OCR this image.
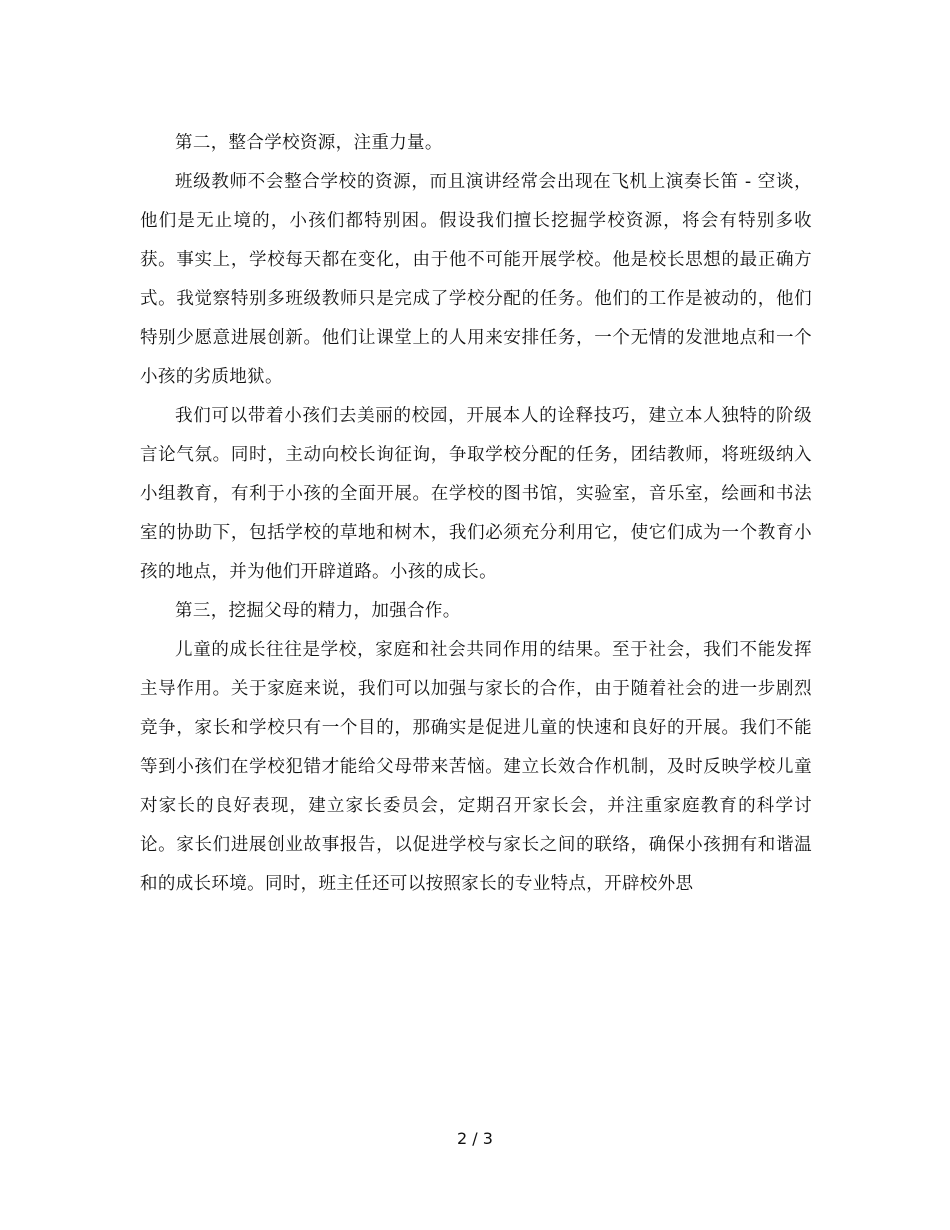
第二，整合学校资源，注重力量。

班级教师不会整合学校的资源，而且演讲经常会出现在飞机上演奏长笛 - 空谈，他们是无止境的，小孩们都特别困。假设我们擅长挖掘学校资源，将会有特别多收获。事实上，学校每天都在变化，由于他不可能开展学校。他是校长思想的最正确方式。我觉察特别多班级教师只是完成了学校分配的任务。他们的工作是被动的，他们特别少愿意进展创新。他们让课堂上的人用来安排任务，一个无情的发泄地点和一个小孩的劣质地狱。

我们可以带着小孩们去美丽的校园，开展本人的诠释技巧，建立本人独特的阶级言论气氛。同时，主动向校长询征询，争取学校分配的任务，团结教师，将班级纳入小组教育，有利于小孩的全面开展。在学校的图书馆，实验室，音乐室，绘画和书法室的协助下，包括学校的草地和树木，我们必须充分利用它，使它们成为一个教育小孩的地点，并为他们开辟道路。小孩的成长。

第三，挖掘父母的精力，加强合作。

儿童的成长往往是学校，家庭和社会共同作用的结果。至于社会，我们不能发挥主导作用。关于家庭来说，我们可以加强与家长的合作，由于随着社会的进一步剧烈竞争，家长和学校只有一个目的，那确实是促进儿童的快速和良好的开展。我们不能等到小孩们在学校犯错才能给父母带来苦恼。建立长效合作机制，及时反映学校儿童对家长的良好表现，建立家长委员会，定期召开家长会，并注重家庭教育的科学讨论。家长们进展创业故事报告，以促进学校与家长之间的联络，确保小孩拥有和谐温和的成长环境。同时，班主任还可以按照家长的专业特点，开辟校外思

2 / 3
